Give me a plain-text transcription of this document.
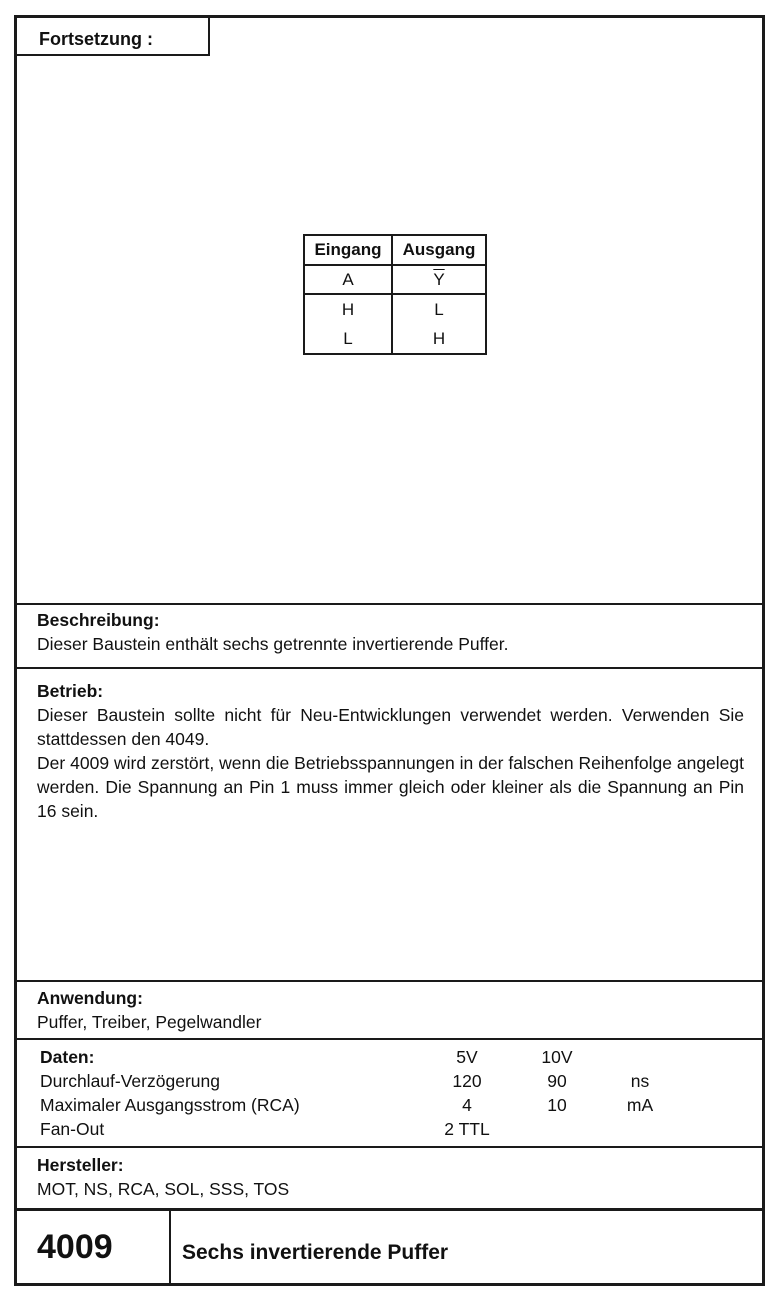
Fortsetzung :
Eingang	Ausgang
A	$\overline{Y}$
H	L
L	H
Beschreibung:

Dieser Baustein enthält sechs getrennte invertierende Puffer.

Betrieb:

Dieser Baustein sollte nicht für Neu-Entwicklungen verwendet werden. Verwenden Sie stattdessen den 4049.

Der 4009 wird zerstört, wenn die Betriebsspannungen in der falschen Reihenfolge angelegt werden. Die Spannung an Pin 1 muss immer gleich oder kleiner als die Spannung an Pin 16 sein.

Anwendung:

Puffer, Treiber, Pegelwandler

Daten:	5V	10V
Durchlauf-Verzögerung	120	90	ns
Maximaler Ausgangsstrom (RCA)	4	10	mA
Fan-Out	2 TTL
Hersteller:

MOT, NS, RCA, SOL, SSS, TOS

4009	Sechs invertierende Puffer
